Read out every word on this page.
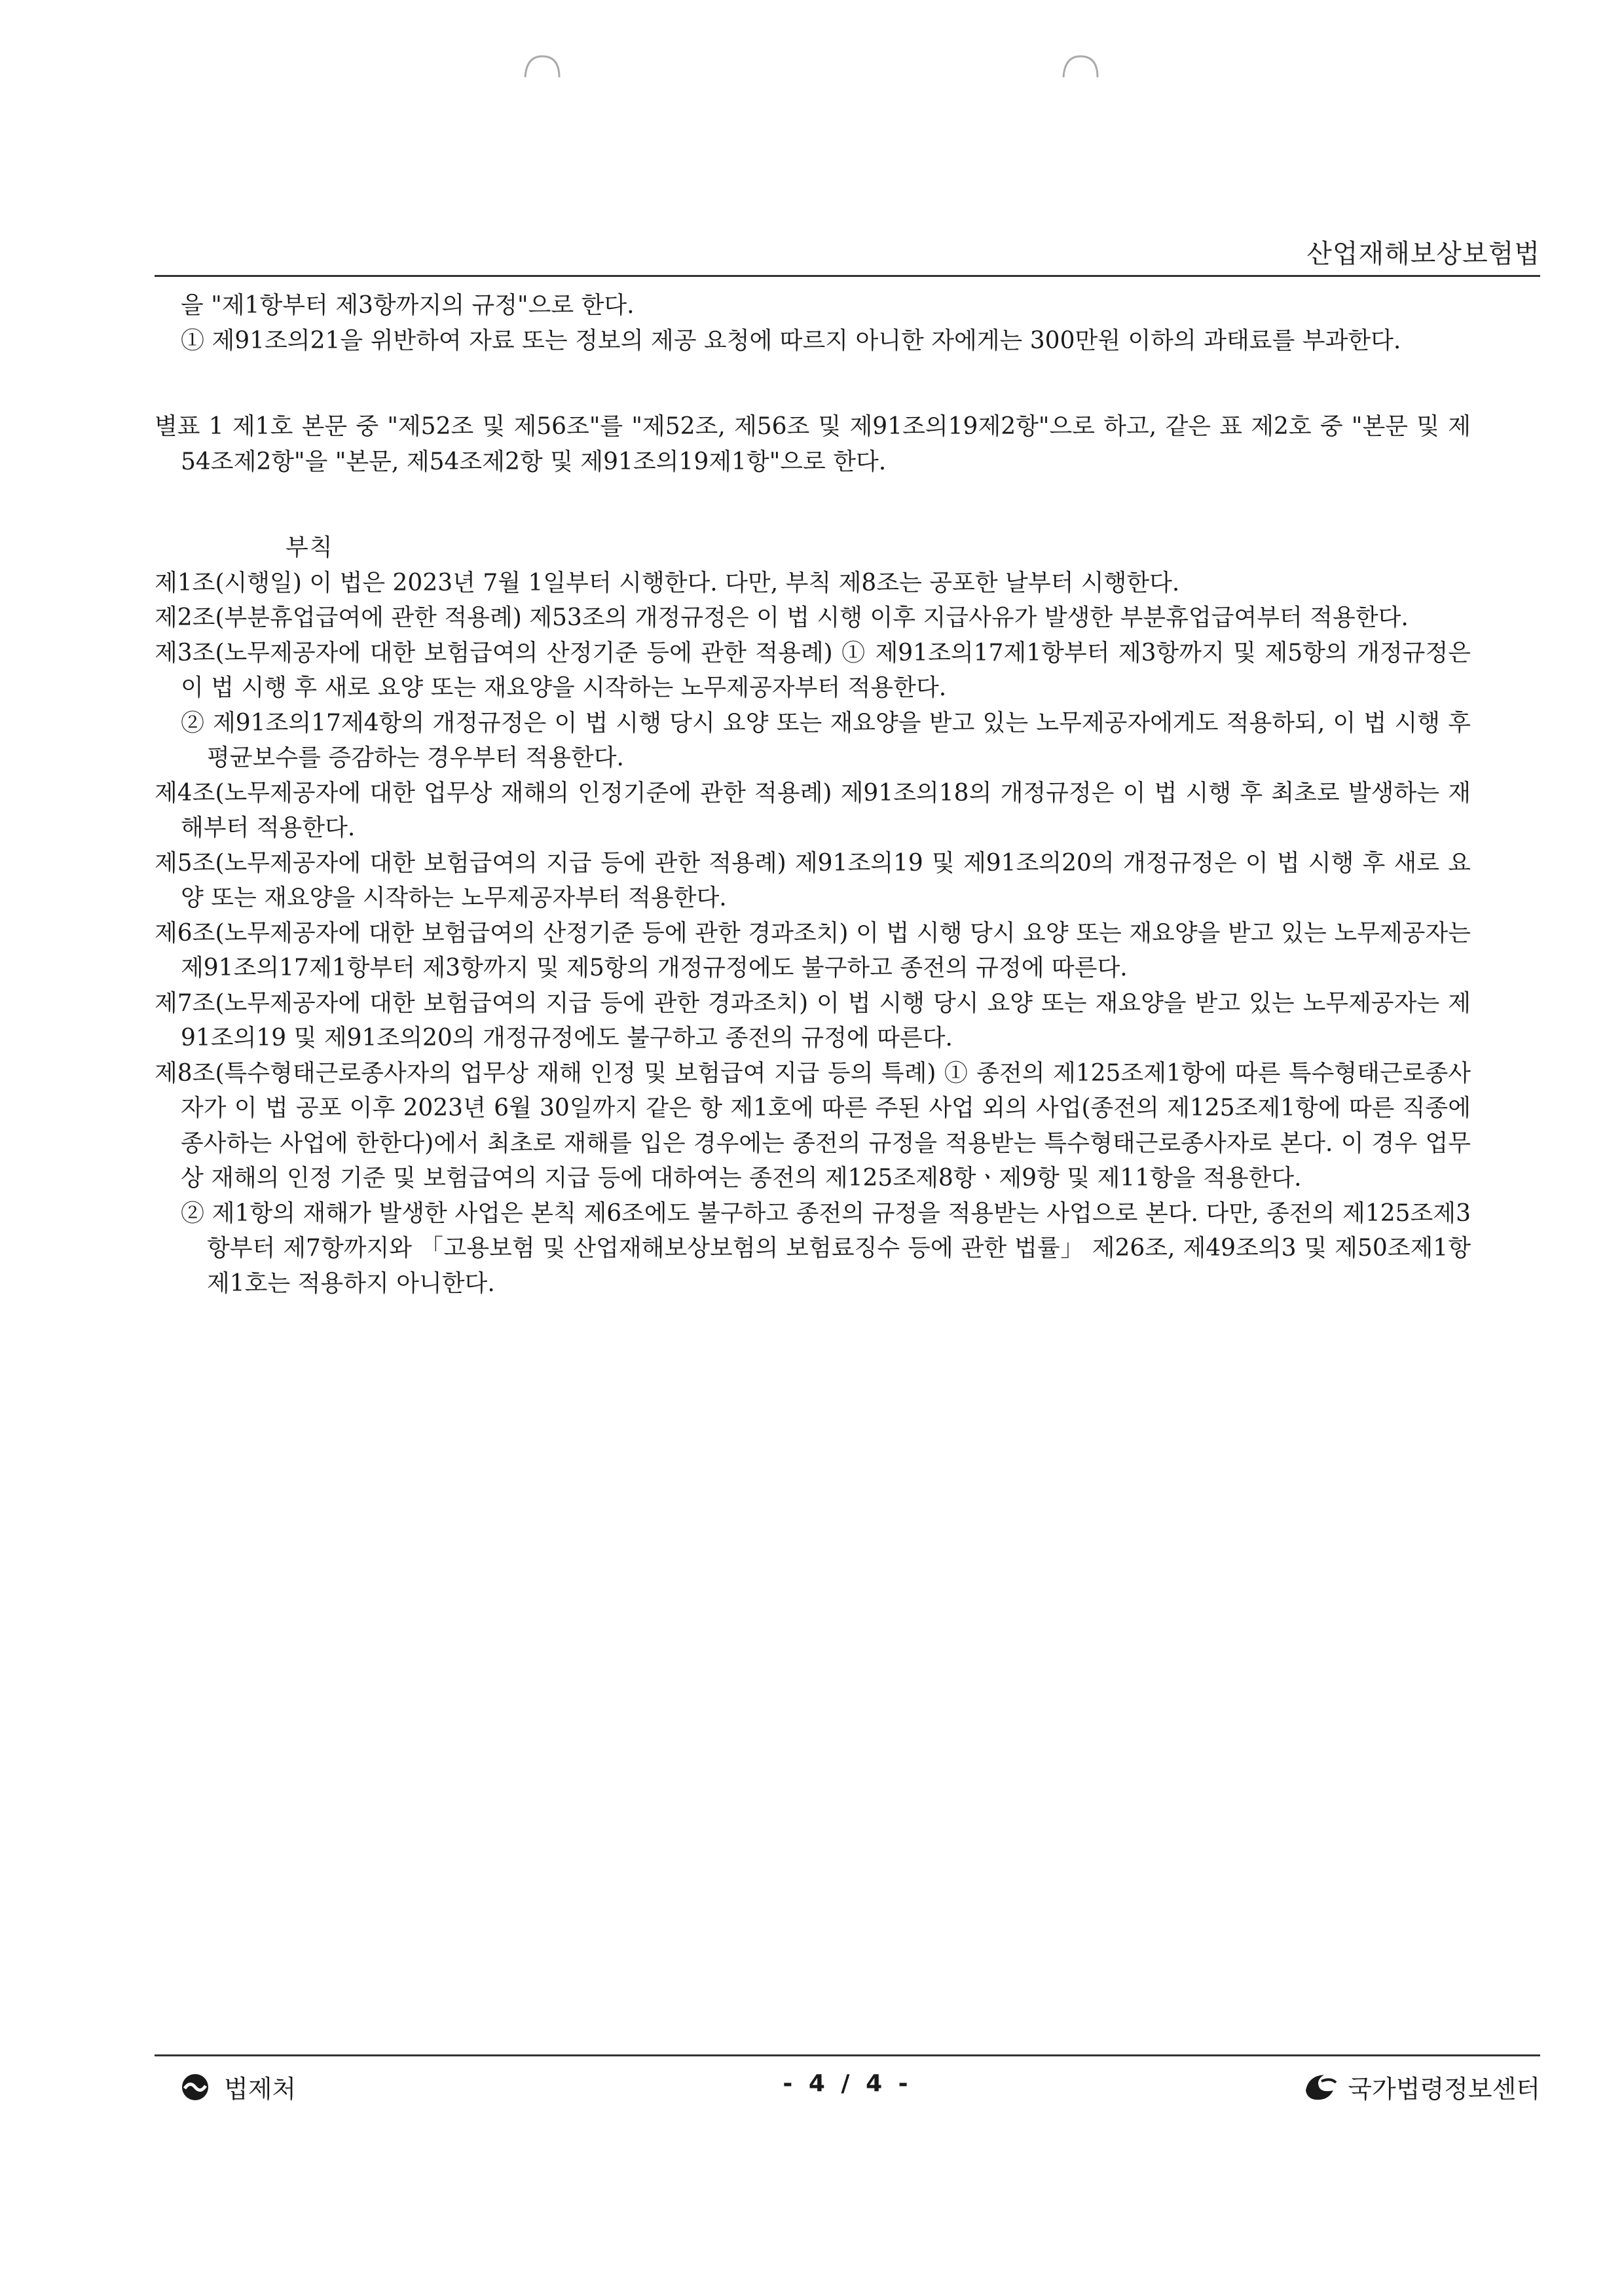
산업재해보상보험법

을 "제1항부터 제3항까지의 규정"으로 한다.

① 제91조의21을 위반하여 자료 또는 정보의 제공 요청에 따르지 아니한 자에게는 300만원 이하의 과태료를 부과한다.

별표 1 제1호 본문 중 "제52조 및 제56조"를 "제52조, 제56조 및 제91조의19제2항"으로 하고, 같은 표 제2호 중 "본문 및 제54조제2항"을 "본문, 제54조제2항 및 제91조의19제1항"으로 한다.

부칙

제1조(시행일) 이 법은 2023년 7월 1일부터 시행한다. 다만, 부칙 제8조는 공포한 날부터 시행한다.

제2조(부분휴업급여에 관한 적용례) 제53조의 개정규정은 이 법 시행 이후 지급사유가 발생한 부분휴업급여부터 적용한다.

제3조(노무제공자에 대한 보험급여의 산정기준 등에 관한 적용례) ① 제91조의17제1항부터 제3항까지 및 제5항의 개정규정은 이 법 시행 후 새로 요양 또는 재요양을 시작하는 노무제공자부터 적용한다.

② 제91조의17제4항의 개정규정은 이 법 시행 당시 요양 또는 재요양을 받고 있는 노무제공자에게도 적용하되, 이 법 시행 후 평균보수를 증감하는 경우부터 적용한다.

제4조(노무제공자에 대한 업무상 재해의 인정기준에 관한 적용례) 제91조의18의 개정규정은 이 법 시행 후 최초로 발생하는 재해부터 적용한다.

제5조(노무제공자에 대한 보험급여의 지급 등에 관한 적용례) 제91조의19 및 제91조의20의 개정규정은 이 법 시행 후 새로 요양 또는 재요양을 시작하는 노무제공자부터 적용한다.

제6조(노무제공자에 대한 보험급여의 산정기준 등에 관한 경과조치) 이 법 시행 당시 요양 또는 재요양을 받고 있는 노무제공자는 제91조의17제1항부터 제3항까지 및 제5항의 개정규정에도 불구하고 종전의 규정에 따른다.

제7조(노무제공자에 대한 보험급여의 지급 등에 관한 경과조치) 이 법 시행 당시 요양 또는 재요양을 받고 있는 노무제공자는 제91조의19 및 제91조의20의 개정규정에도 불구하고 종전의 규정에 따른다.

제8조(특수형태근로종사자의 업무상 재해 인정 및 보험급여 지급 등의 특례) ① 종전의 제125조제1항에 따른 특수형태근로종사자가 이 법 공포 이후 2023년 6월 30일까지 같은 항 제1호에 따른 주된 사업 외의 사업(종전의 제125조제1항에 따른 직종에 종사하는 사업에 한한다)에서 최초로 재해를 입은 경우에는 종전의 규정을 적용받는 특수형태근로종사자로 본다. 이 경우 업무상 재해의 인정 기준 및 보험급여의 지급 등에 대하여는 종전의 제125조제8항ㆍ제9항 및 제11항을 적용한다.

② 제1항의 재해가 발생한 사업은 본칙 제6조에도 불구하고 종전의 규정을 적용받는 사업으로 본다. 다만, 종전의 제125조제3항부터 제7항까지와 「고용보험 및 산업재해보상보험의 보험료징수 등에 관한 법률」 제26조, 제49조의3 및 제50조제1항제1호는 적용하지 아니한다.

법제처	- 4 / 4 -	국가법령정보센터
